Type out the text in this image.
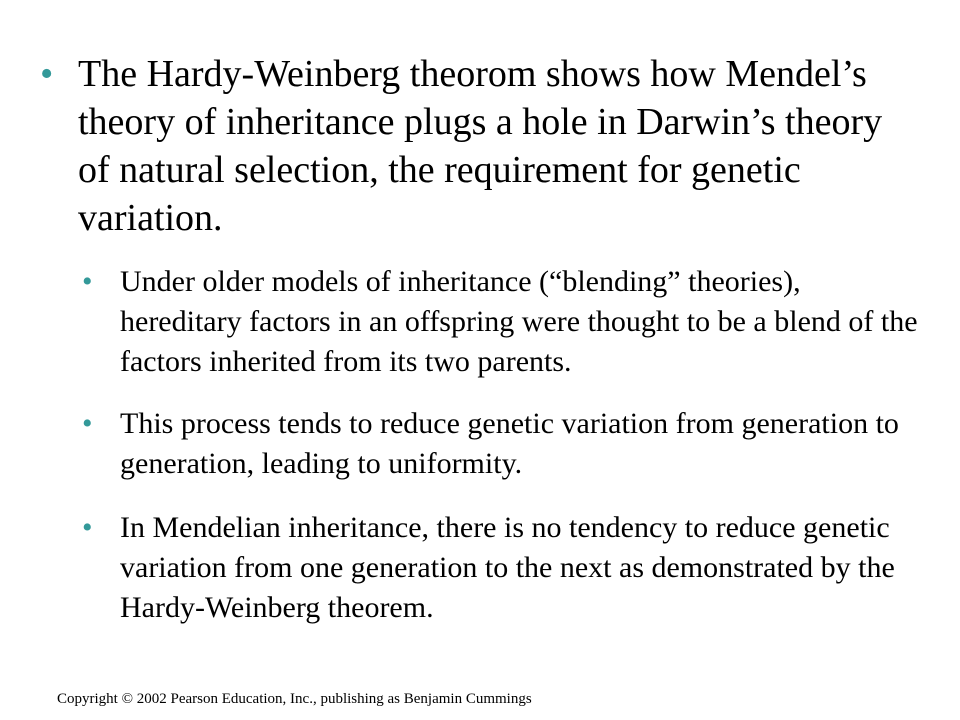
• The Hardy-Weinberg theorom shows how Mendel’s theory of inheritance plugs a hole in Darwin’s theory of natural selection, the requirement for genetic variation.

• Under older models of inheritance (“blending” theories), hereditary factors in an offspring were thought to be a blend of the factors inherited from its two parents.

• This process tends to reduce genetic variation from generation to generation, leading to uniformity.

• In Mendelian inheritance, there is no tendency to reduce genetic variation from one generation to the next as demonstrated by the Hardy-Weinberg theorem.

Copyright © 2002 Pearson Education, Inc., publishing as Benjamin Cummings
